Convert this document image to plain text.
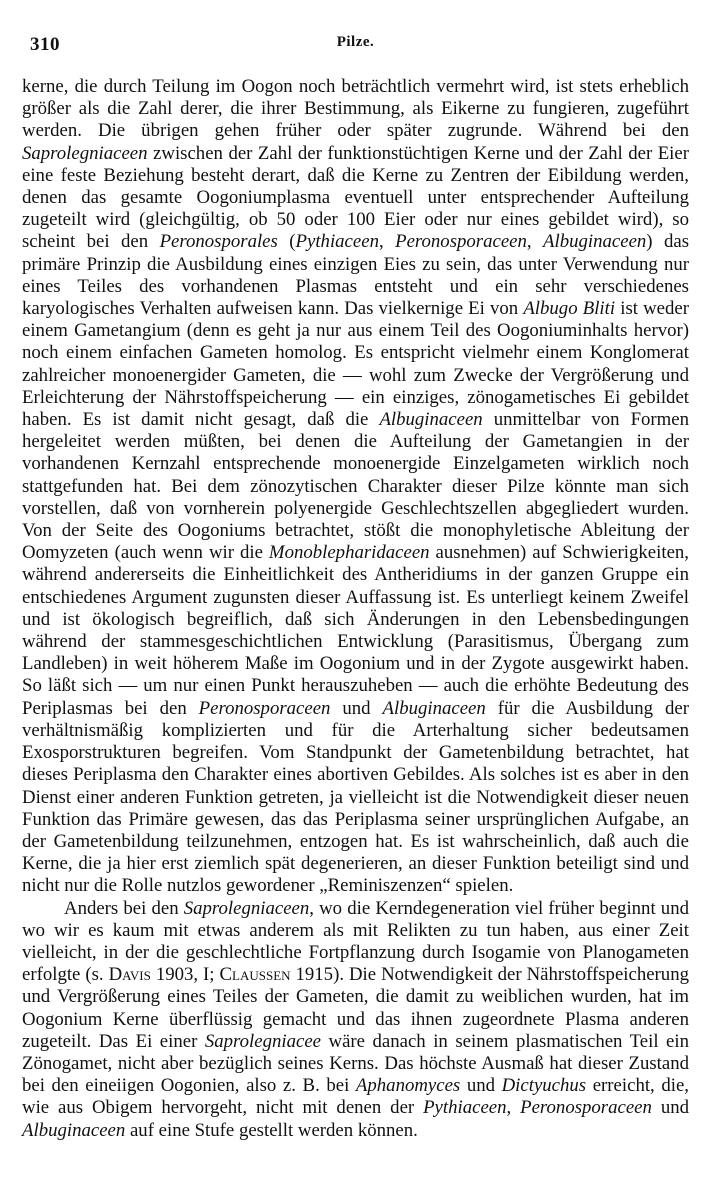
310	Pilze.

kerne, die durch Teilung im Oogon noch beträchtlich vermehrt wird, ist stets erheblich größer als die Zahl derer, die ihrer Bestimmung, als Eikerne zu fungieren, zugeführt werden. Die übrigen gehen früher oder später zugrunde. Während bei den Saprolegniaceen zwischen der Zahl der funktionstüchtigen Kerne und der Zahl der Eier eine feste Beziehung besteht derart, daß die Kerne zu Zentren der Eibildung werden, denen das gesamte Oogoniumplasma eventuell unter entsprechender Aufteilung zugeteilt wird (gleichgültig, ob 50 oder 100 Eier oder nur eines gebildet wird), so scheint bei den Peronosporales (Pythiaceen, Peronosporaceen, Albuginaceen) das primäre Prinzip die Ausbildung eines einzigen Eies zu sein, das unter Verwendung nur eines Teiles des vorhandenen Plasmas entsteht und ein sehr verschiedenes karyologisches Verhalten aufweisen kann. Das vielkernige Ei von Albugo Bliti ist weder einem Gametangium (denn es geht ja nur aus einem Teil des Oogoniuminhalts hervor) noch einem einfachen Gameten homolog. Es entspricht vielmehr einem Konglomerat zahlreicher monoenergider Gameten, die — wohl zum Zwecke der Vergrößerung und Erleichterung der Nährstoffspeicherung — ein einziges, zönogametisches Ei gebildet haben. Es ist damit nicht gesagt, daß die Albuginaceen unmittelbar von Formen hergeleitet werden müßten, bei denen die Aufteilung der Gametangien in der vorhandenen Kernzahl entsprechende monoenergide Einzelgameten wirklich noch stattgefunden hat. Bei dem zönozytischen Charakter dieser Pilze könnte man sich vorstellen, daß von vornherein polyenergide Geschlechtszellen abgegliedert wurden. Von der Seite des Oogoniums betrachtet, stößt die monophyletische Ableitung der Oomyzeten (auch wenn wir die Monoblepharidaceen ausnehmen) auf Schwierigkeiten, während andererseits die Einheitlichkeit des Antheridiums in der ganzen Gruppe ein entschiedenes Argument zugunsten dieser Auffassung ist. Es unterliegt keinem Zweifel und ist ökologisch begreiflich, daß sich Änderungen in den Lebensbedingungen während der stammesgeschichtlichen Entwicklung (Parasitismus, Übergang zum Landleben) in weit höherem Maße im Oogonium und in der Zygote ausgewirkt haben. So läßt sich — um nur einen Punkt herauszuheben — auch die erhöhte Bedeutung des Periplasmas bei den Peronosporaceen und Albuginaceen für die Ausbildung der verhältnismäßig komplizierten und für die Arterhaltung sicher bedeutsamen Exosporstrukturen begreifen. Vom Standpunkt der Gametenbildung betrachtet, hat dieses Periplasma den Charakter eines abortiven Gebildes. Als solches ist es aber in den Dienst einer anderen Funktion getreten, ja vielleicht ist die Notwendigkeit dieser neuen Funktion das Primäre gewesen, das das Periplasma seiner ursprünglichen Aufgabe, an der Gametenbildung teilzunehmen, entzogen hat. Es ist wahrscheinlich, daß auch die Kerne, die ja hier erst ziemlich spät degenerieren, an dieser Funktion beteiligt sind und nicht nur die Rolle nutzlos gewordener „Reminiszenzen“ spielen.

Anders bei den Saprolegniaceen, wo die Kerndegeneration viel früher beginnt und wo wir es kaum mit etwas anderem als mit Relikten zu tun haben, aus einer Zeit vielleicht, in der die geschlechtliche Fortpflanzung durch Isogamie von Planogameten erfolgte (s. Davis 1903, I; Claussen 1915). Die Notwendigkeit der Nährstoffspeicherung und Vergrößerung eines Teiles der Gameten, die damit zu weiblichen wurden, hat im Oogonium Kerne überflüssig gemacht und das ihnen zugeordnete Plasma anderen zugeteilt. Das Ei einer Saprolegniacee wäre danach in seinem plasmatischen Teil ein Zönogamet, nicht aber bezüglich seines Kerns. Das höchste Ausmaß hat dieser Zustand bei den eineiigen Oogonien, also z. B. bei Aphanomyces und Dictyuchus erreicht, die, wie aus Obigem hervorgeht, nicht mit denen der Pythiaceen, Peronosporaceen und Albuginaceen auf eine Stufe gestellt werden können.
